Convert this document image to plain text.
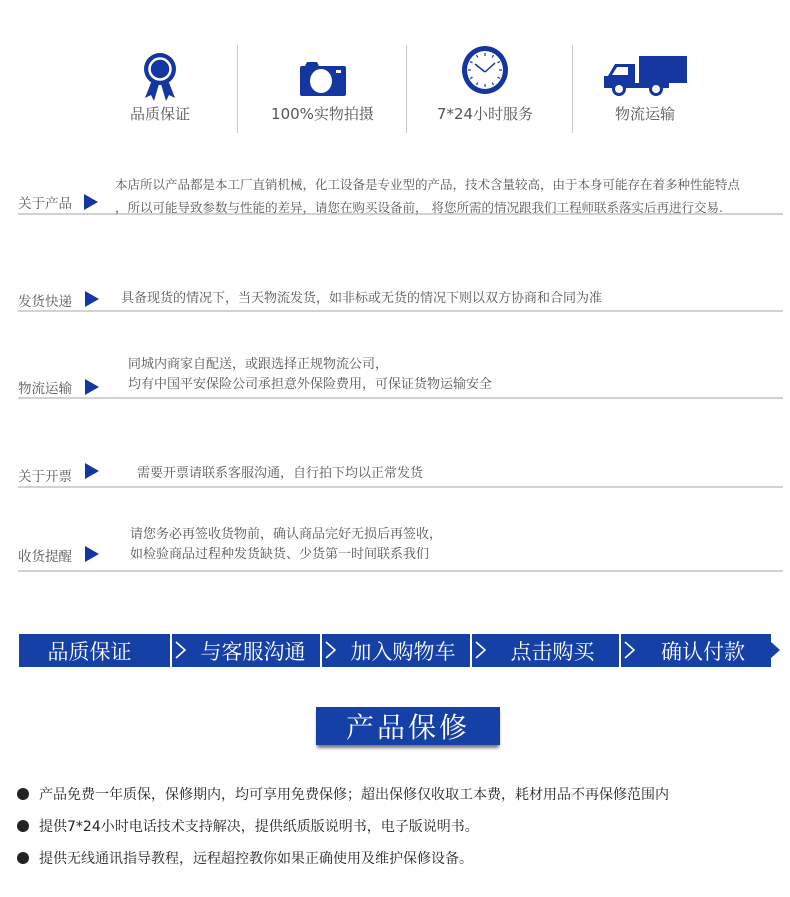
品质保证	100%实物拍摄	7*24小时服务	物流运输
关于产品
本店所以产品都是本工厂直销机械，化工设备是专业型的产品，技术含量较高，由于本身可能存在着多种性能特点
，所以可能导致参数与性能的差异，请您在购买设备前， 将您所需的情况跟我们工程师联系落实后再进行交易.
发货快递	具备现货的情况下，当天物流发货，如非标或无货的情况下则以双方协商和合同为准
物流运输
同城内商家自配送，或跟选择正规物流公司，
均有中国平安保险公司承担意外保险费用，可保证货物运输安全
关于开票	需要开票请联系客服沟通，自行拍下均以正常发货
收货提醒
请您务必再签收货物前，确认商品完好无损后再签收，
如检验商品过程种发货缺货、少货第一时间联系我们
品质保证	与客服沟通 加入购物车	点击购买	确认付款
产品保修
产品免费一年质保，保修期内，均可享用免费保修；超出保修仅收取工本费，耗材用品不再保修范围内
提供7*24小时电话技术支持解决，提供纸质版说明书，电子版说明书。
提供无线通讯指导教程，远程超控教你如果正确使用及维护保修设备。
